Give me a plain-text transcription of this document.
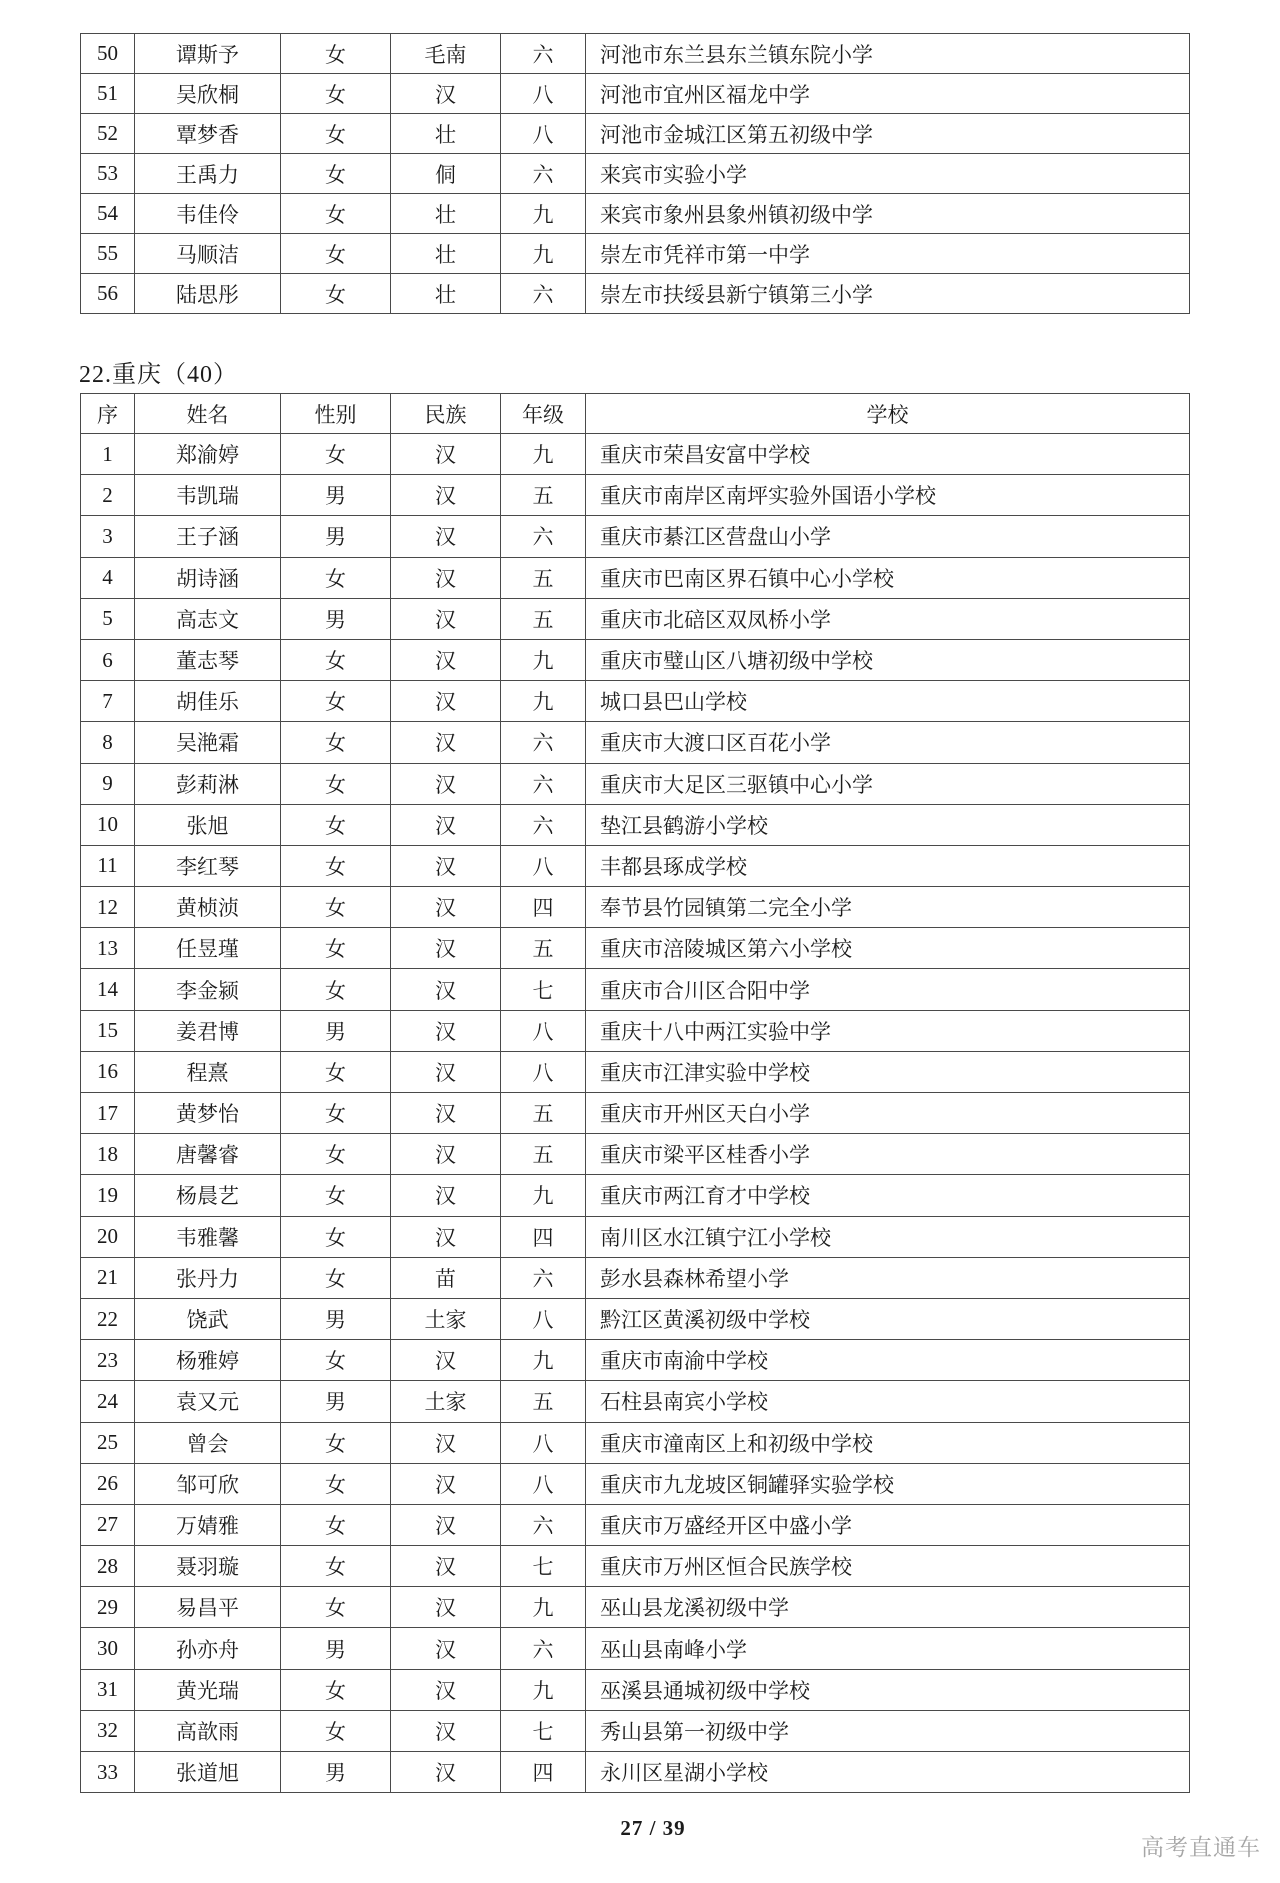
50	谭斯予	女	毛南	六	河池市东兰县东兰镇东院小学
51	吴欣桐	女	汉	八	河池市宜州区福龙中学
52	覃梦香	女	壮	八	河池市金城江区第五初级中学
53	王禹力	女	侗	六	来宾市实验小学
54	韦佳伶	女	壮	九	来宾市象州县象州镇初级中学
55	马顺洁	女	壮	九	崇左市凭祥市第一中学
56	陆思彤	女	壮	六	崇左市扶绥县新宁镇第三小学
22.重庆（40）
序	姓名	性别	民族	年级	学校
1	郑渝婷	女	汉	九	重庆市荣昌安富中学校
2	韦凯瑞	男	汉	五	重庆市南岸区南坪实验外国语小学校
3	王子涵	男	汉	六	重庆市綦江区营盘山小学
4	胡诗涵	女	汉	五	重庆市巴南区界石镇中心小学校
5	高志文	男	汉	五	重庆市北碚区双凤桥小学
6	董志琴	女	汉	九	重庆市璧山区八塘初级中学校
7	胡佳乐	女	汉	九	城口县巴山学校
8	吴滟霜	女	汉	六	重庆市大渡口区百花小学
9	彭莉淋	女	汉	六	重庆市大足区三驱镇中心小学
10	张旭	女	汉	六	垫江县鹤游小学校
11	李红琴	女	汉	八	丰都县琢成学校
12	黄桢浈	女	汉	四	奉节县竹园镇第二完全小学
13	任昱瑾	女	汉	五	重庆市涪陵城区第六小学校
14	李金颍	女	汉	七	重庆市合川区合阳中学
15	姜君博	男	汉	八	重庆十八中两江实验中学
16	程熹	女	汉	八	重庆市江津实验中学校
17	黄梦怡	女	汉	五	重庆市开州区天白小学
18	唐馨睿	女	汉	五	重庆市梁平区桂香小学
19	杨晨艺	女	汉	九	重庆市两江育才中学校
20	韦雅馨	女	汉	四	南川区水江镇宁江小学校
21	张丹力	女	苗	六	彭水县森林希望小学
22	饶武	男	土家	八	黔江区黄溪初级中学校
23	杨雅婷	女	汉	九	重庆市南渝中学校
24	袁又元	男	土家	五	石柱县南宾小学校
25	曾会	女	汉	八	重庆市潼南区上和初级中学校
26	邹可欣	女	汉	八	重庆市九龙坡区铜罐驿实验学校
27	万婧雅	女	汉	六	重庆市万盛经开区中盛小学
28	聂羽璇	女	汉	七	重庆市万州区恒合民族学校
29	易昌平	女	汉	九	巫山县龙溪初级中学
30	孙亦舟	男	汉	六	巫山县南峰小学
31	黄光瑞	女	汉	九	巫溪县通城初级中学校
32	高歆雨	女	汉	七	秀山县第一初级中学
33	张道旭	男	汉	四	永川区星湖小学校
27 / 39
高考直通车
